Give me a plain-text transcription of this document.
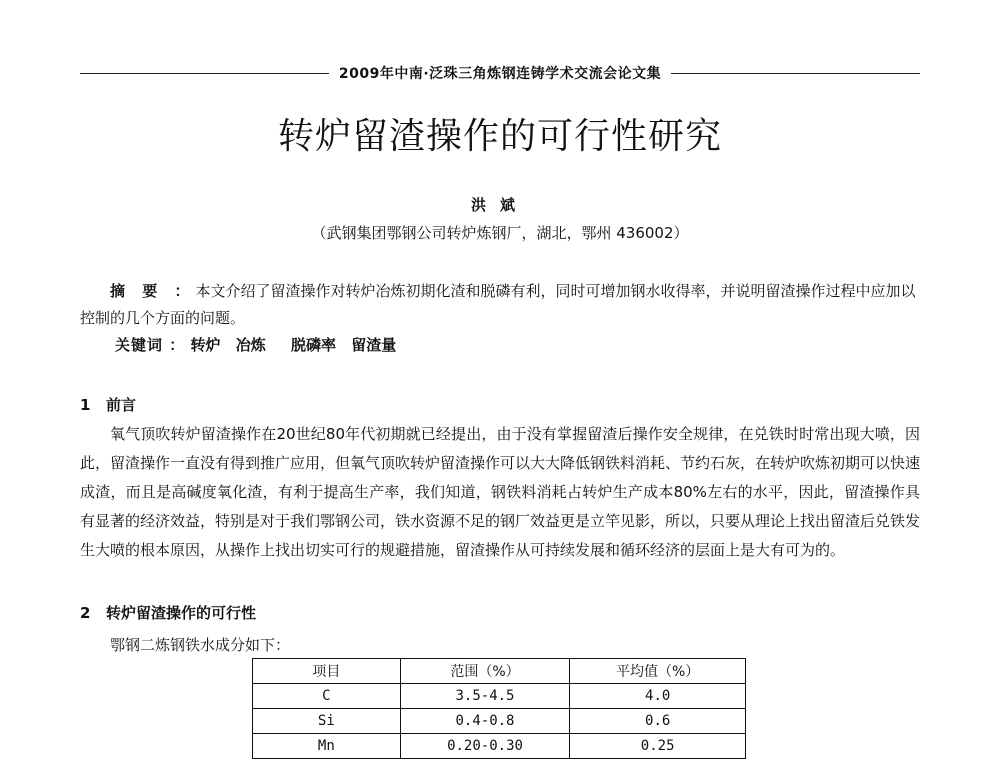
2009年中南·泛珠三角炼钢连铸学术交流会论文集
转炉留渣操作的可行性研究
洪斌
（武钢集团鄂钢公司转炉炼钢厂，湖北，鄂州 436002）

摘 要 ：本文介绍了留渣操作对转炉冶炼初期化渣和脱磷有利，同时可增加钢水收得率，并说明留渣操作过程中应加以控制的几个方面的问题。

关键词 ： 转炉 冶炼 脱磷率 留渣量

1 前言

氧气顶吹转炉留渣操作在20世纪80年代初期就已经提出，由于没有掌握留渣后操作安全规律，在兑铁时时常出现大喷，因此，留渣操作一直没有得到推广应用，但氧气顶吹转炉留渣操作可以大大降低钢铁料消耗、节约石灰，在转炉吹炼初期可以快速成渣，而且是高碱度氧化渣，有利于提高生产率，我们知道，钢铁料消耗占转炉生产成本80%左右的水平，因此，留渣操作具有显著的经济效益，特别是对于我们鄂钢公司，铁水资源不足的钢厂效益更是立竿见影，所以，只要从理论上找出留渣后兑铁发生大喷的根本原因，从操作上找出切实可行的规避措施，留渣操作从可持续发展和循环经济的层面上是大有可为的。

2 转炉留渣操作的可行性

鄂钢二炼钢铁水成分如下：

项目	范围（%）	平均值（%）
C	3.5-4.5	4.0
Si	0.4-0.8	0.6
Mn	0.20-0.30	0.25
